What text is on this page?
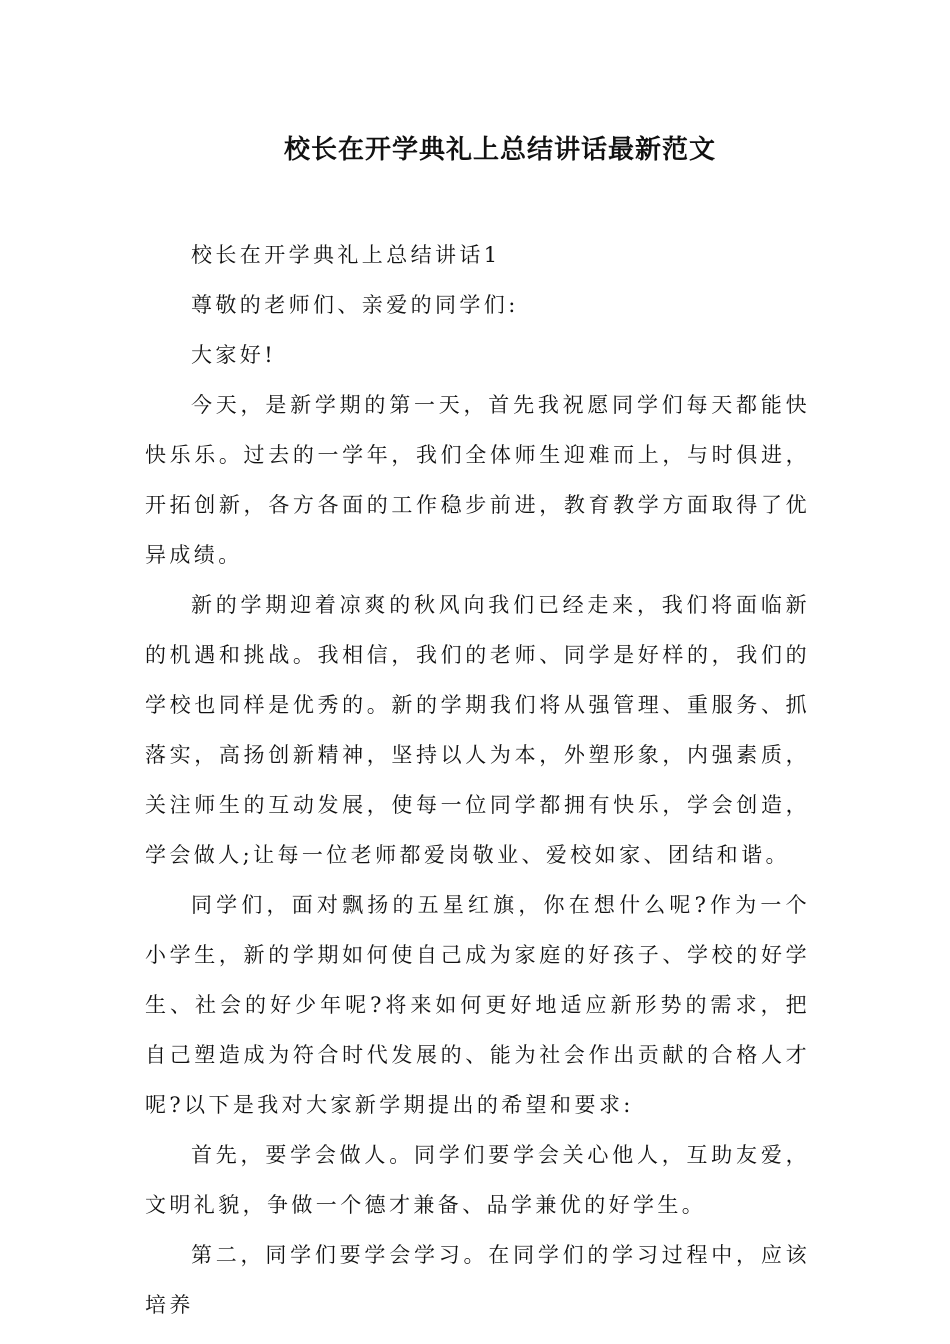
校长在开学典礼上总结讲话最新范文

校长在开学典礼上总结讲话1

尊敬的老师们、亲爱的同学们:

大家好!

今天，是新学期的第一天，首先我祝愿同学们每天都能快快乐乐。过去的一学年，我们全体师生迎难而上，与时俱进，开拓创新，各方各面的工作稳步前进，教育教学方面取得了优异成绩。

新的学期迎着凉爽的秋风向我们已经走来，我们将面临新的机遇和挑战。我相信，我们的老师、同学是好样的，我们的学校也同样是优秀的。新的学期我们将从强管理、重服务、抓落实，高扬创新精神，坚持以人为本，外塑形象，内强素质，关注师生的互动发展，使每一位同学都拥有快乐，学会创造，学会做人;让每一位老师都爱岗敬业、爱校如家、团结和谐。

同学们，面对飘扬的五星红旗，你在想什么呢?作为一个小学生，新的学期如何使自己成为家庭的好孩子、学校的好学生、社会的好少年呢?将来如何更好地适应新形势的需求，把自己塑造成为符合时代发展的、能为社会作出贡献的合格人才呢?以下是我对大家新学期提出的希望和要求:

首先，要学会做人。同学们要学会关心他人，互助友爱，文明礼貌，争做一个德才兼备、品学兼优的好学生。

第二，同学们要学会学习。在同学们的学习过程中，应该培养
